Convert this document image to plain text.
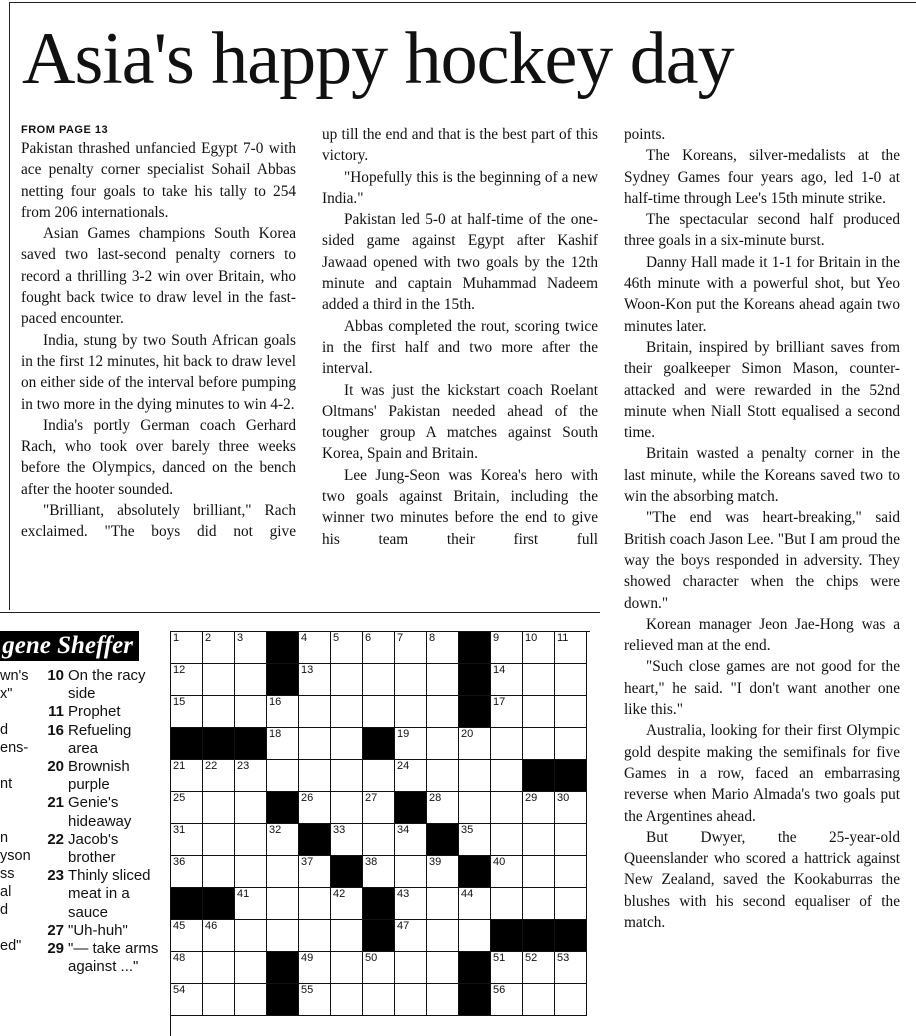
Asia's happy hockey day
FROM PAGE 13

Pakistan thrashed unfancied Egypt 7-0 with ace penalty corner specialist Sohail Abbas netting four goals to take his tally to 254 from 206 internationals.

Asian Games champions South Korea saved two last-second penalty corners to record a thrilling 3-2 win over Britain, who fought back twice to draw level in the fast-paced encounter.

India, stung by two South African goals in the first 12 minutes, hit back to draw level on either side of the interval before pumping in two more in the dying minutes to win 4-2.

India's portly German coach Gerhard Rach, who took over barely three weeks before the Olympics, danced on the bench after the hooter sounded.

"Brilliant, absolutely brilliant," Rach exclaimed. "The boys did not give

up till the end and that is the best part of this victory.

"Hopefully this is the beginning of a new India."

Pakistan led 5-0 at half-time of the one-sided game against Egypt after Kashif Jawaad opened with two goals by the 12th minute and captain Muhammad Nadeem added a third in the 15th.

Abbas completed the rout, scoring twice in the first half and two more after the interval.

It was just the kickstart coach Roelant Oltmans' Pakistan needed ahead of the tougher group A matches against South Korea, Spain and Britain.

Lee Jung-Seon was Korea's hero with two goals against Britain, including the winner two minutes before the end to give his team their first full

points.

The Koreans, silver-medalists at the Sydney Games four years ago, led 1-0 at half-time through Lee's 15th minute strike.

The spectacular second half produced three goals in a six-minute burst.

Danny Hall made it 1-1 for Britain in the 46th minute with a powerful shot, but Yeo Woon-Kon put the Koreans ahead again two minutes later.

Britain, inspired by brilliant saves from their goalkeeper Simon Mason, counter-attacked and were rewarded in the 52nd minute when Niall Stott equalised a second time.

Britain wasted a penalty corner in the last minute, while the Koreans saved two to win the absorbing match.

"The end was heart-breaking," said British coach Jason Lee. "But I am proud the way the boys responded in adversity. They showed character when the chips were down."

Korean manager Jeon Jae-Hong was a relieved man at the end.

"Such close games are not good for the heart," he said. "I don't want another one like this."

Australia, looking for their first Olympic gold despite making the semifinals for five Games in a row, faced an embarrasing reverse when Mario Almada's two goals put the Argentines ahead.

But Dwyer, the 25-year-old Queenslander who scored a hattrick against New Zealand, saved the Kookaburras the blushes with his second equaliser of the match.

gene Sheffer
wn's
x"

d
ens-

nt

n
yson
ss
al
d

ed"

10 On the racy side
11 Prophet
16 Refueling area
20 Brownish purple
21 Genie's hideaway
22 Jacob's brother
23 Thinly sliced meat in a sauce
27 "Uh-huh"
29 "— take arms against ..."
1 2 3	4 5 6 7 8	9 10 11
12	13	14
15	16	17
18	19	20
21 22 23	24
25	26	27	28	29 30
31	32	33	34	35
36	37	38	39	40
41	42	43	44
45 46	47
48	49	50	51 52 53
54	55	56
